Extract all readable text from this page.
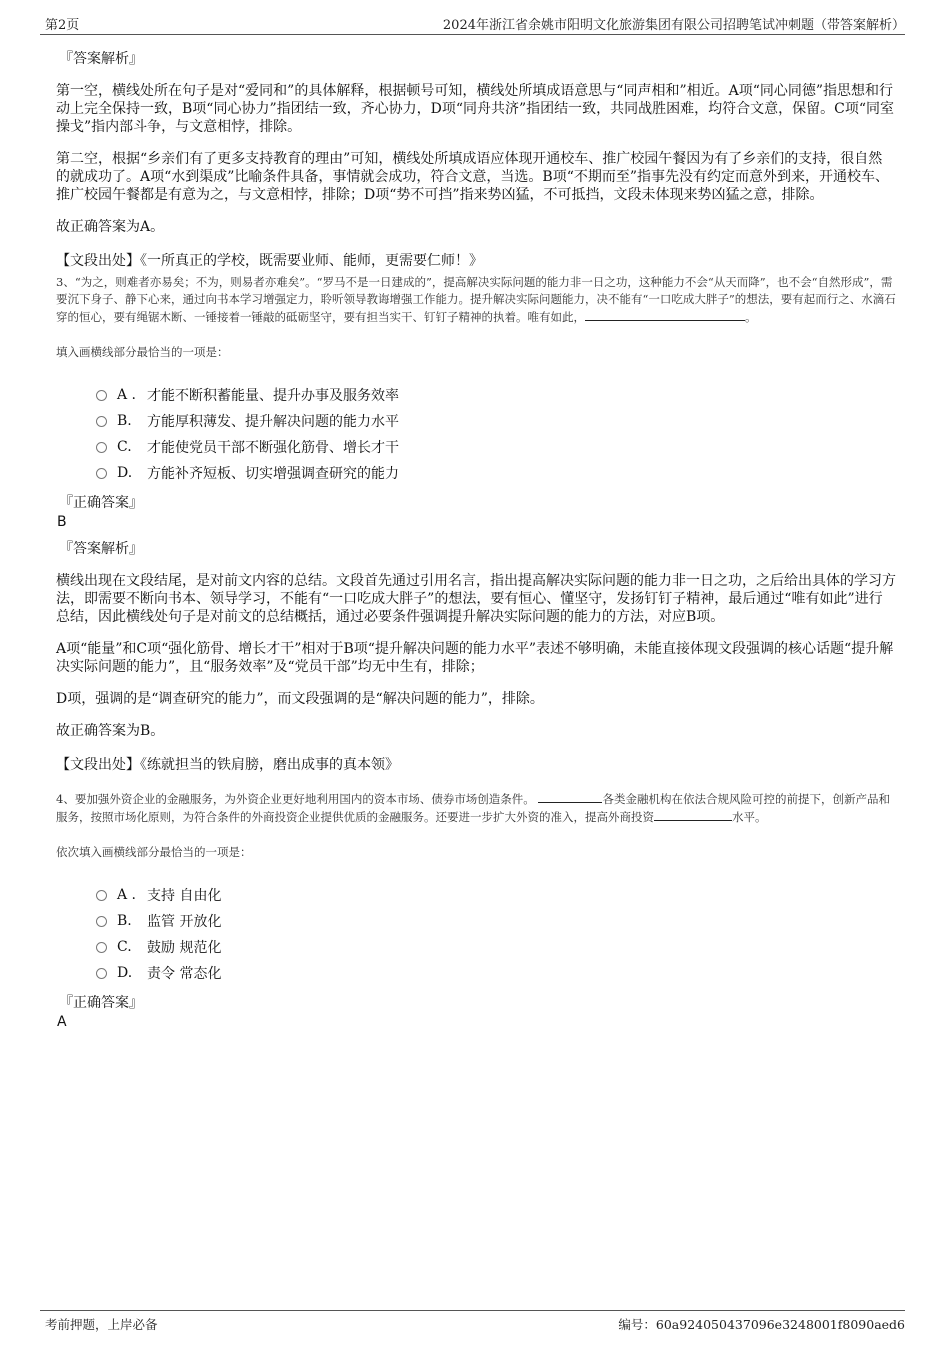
第2页	2024年浙江省余姚市阳明文化旅游集团有限公司招聘笔试冲刺题（带答案解析）
『答案解析』

第一空，横线处所在句子是对“爱同和”的具体解释，根据顿号可知，横线处所填成语意思与“同声相和”相近。A项“同心同德”指思想和行动上完全保持一致，B项“同心协力”指团结一致，齐心协力，D项“同舟共济”指团结一致，共同战胜困难，均符合文意，保留。C项“同室操戈”指内部斗争，与文意相悖，排除。

第二空，根据“乡亲们有了更多支持教育的理由”可知，横线处所填成语应体现开通校车、推广校园午餐因为有了乡亲们的支持，很自然的就成功了。A项“水到渠成”比喻条件具备，事情就会成功，符合文意，当选。B项“不期而至”指事先没有约定而意外到来，开通校车、推广校园午餐都是有意为之，与文意相悖，排除；D项“势不可挡”指来势凶猛，不可抵挡，文段未体现来势凶猛之意，排除。

故正确答案为A。

【文段出处】《一所真正的学校，既需要业师、能师，更需要仁师！》

3、“为之，则难者亦易矣；不为，则易者亦难矣”。“罗马不是一日建成的”，提高解决实际问题的能力非一日之功，这种能力不会“从天而降”，也不会“自然形成”，需要沉下身子、静下心来，通过向书本学习增强定力，聆听领导教诲增强工作能力。提升解决实际问题能力，决不能有“一口吃成大胖子”的想法，要有起而行之、水滴石穿的恒心，要有绳锯木断、一锤接着一锤敲的砥砺坚守，要有担当实干、钉钉子精神的执着。唯有如此，	。

填入画横线部分最恰当的一项是：
A . 才能不断积蓄能量、提升办事及服务效率
B.	方能厚积薄发、提升解决问题的能力水平
C.	才能使党员干部不断强化筋骨、增长才干
D.	方能补齐短板、切实增强调查研究的能力
『正确答案』
B
『答案解析』

横线出现在文段结尾，是对前文内容的总结。文段首先通过引用名言，指出提高解决实际问题的能力非一日之功，之后给出具体的学习方法，即需要不断向书本、领导学习，不能有“一口吃成大胖子”的想法，要有恒心、懂坚守，发扬钉钉子精神，最后通过“唯有如此”进行总结，因此横线处句子是对前文的总结概括，通过必要条件强调提升解决实际问题的能力的方法，对应B项。

A项“能量”和C项“强化筋骨、增长才干”相对于B项“提升解决问题的能力水平”表述不够明确，未能直接体现文段强调的核心话题“提升解决实际问题的能力”，且“服务效率”及“党员干部”均无中生有，排除；

D项，强调的是“调查研究的能力”，而文段强调的是“解决问题的能力”，排除。

故正确答案为B。

【文段出处】《练就担当的铁肩膀，磨出成事的真本领》

4、要加强外资企业的金融服务，为外资企业更好地利用国内的资本市场、债券市场创造条件。	各类金融机构在依法合规风险可控的前提下，创新产品和服务，按照市场化原则，为符合条件的外商投资企业提供优质的金融服务。还要进一步扩大外资的准入，提高外商投资	水平。

依次填入画横线部分最恰当的一项是：
A . 支持 自由化
B.	监管 开放化
C.	鼓励 规范化
D.	责令 常态化
『正确答案』
A
考前押题，上岸必备	编号：60a924050437096e3248001f8090aed6
